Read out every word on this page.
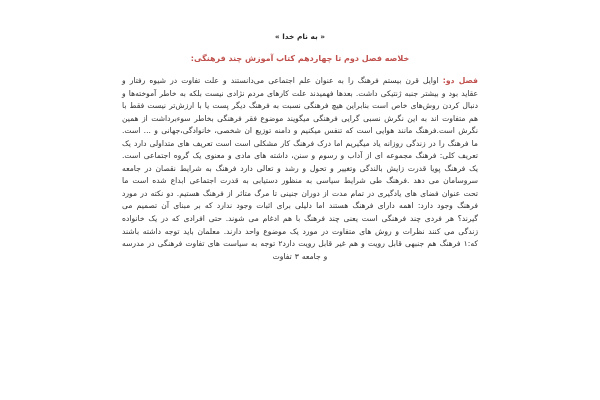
« به نام خدا »

خلاصه فصل دوم تا چهاردهم کتاب آموزش چند فرهنگی:

فصل دو: اوایل قرن بیستم فرهنگ را به عنوان علم اجتماعی می‌دانستند و علت تفاوت در شیوه رفتار و عقاید بود و بیشتر جنبه ژنتیکی داشت. بعدها فهمیدند علت کارهای مردم نژادی نیست بلکه به خاطر آموخته‌ها و دنبال کردن روش‌های خاص است بنابراین هیچ فرهنگی نسبت به فرهنگ دیگر پست یا با ارزش‌تر نیست فقط با هم متفاوت اند به این نگرش نسبی گرایی فرهنگی میگویند موضوع فقر فرهنگی بخاطر سوءبرداشت از همین نگرش است.فرهنگ مانند هوایی است که تنفس میکنیم و دامنه توزیع ان شخصی، خانوادگی،جهانی و ... است. ما فرهنگ را در زندگی روزانه یاد میگیریم اما درک فرهنگ کار مشکلی است است تعریف های متداولی دارد یک تعریف کلی: فرهنگ مجموعه ای از آداب و رسوم و سنن، داشته های مادی و معنوی یک گروه اجتماعی است. یک فرهنگ پویا قدرت زایش بالندگی وتغییر و تحول و رشد و تعالی دارد فرهنگ به شرایط نقصان در جامعه سروسامان می دهد .فرهنگ طی شرایط سیاسی به منظور دستیابی به قدرت اجتماعی ابداع شده است ما تحت عنوان فضای های یادگیری در تمام مدت از دوران جنینی تا مرگ متاثر از فرهنگ هستیم. دو نکته در مورد فرهنگ وجود دارد: اهمه دارای فرهنگ هستند اما دلیلی برای اثبات وجود ندارد که بر مبنای آن تصمیم می گیرند؟ هر فردی چند فرهنگی است یعنی چند فرهنگ با هم ادغام می شوند. حتی افرادی که در یک خانواده زندگی می کنند نظرات و روش های متفاوت در مورد یک موضوع واحد دارند. معلمان باید توجه داشته باشند که:۱ فرهنگ هم جنبهی قابل رویت و هم غیر قابل رویت دارد۲ توجه به سیاست های تفاوت فرهنگی در مدرسه و جامعه ۳ تفاوت
